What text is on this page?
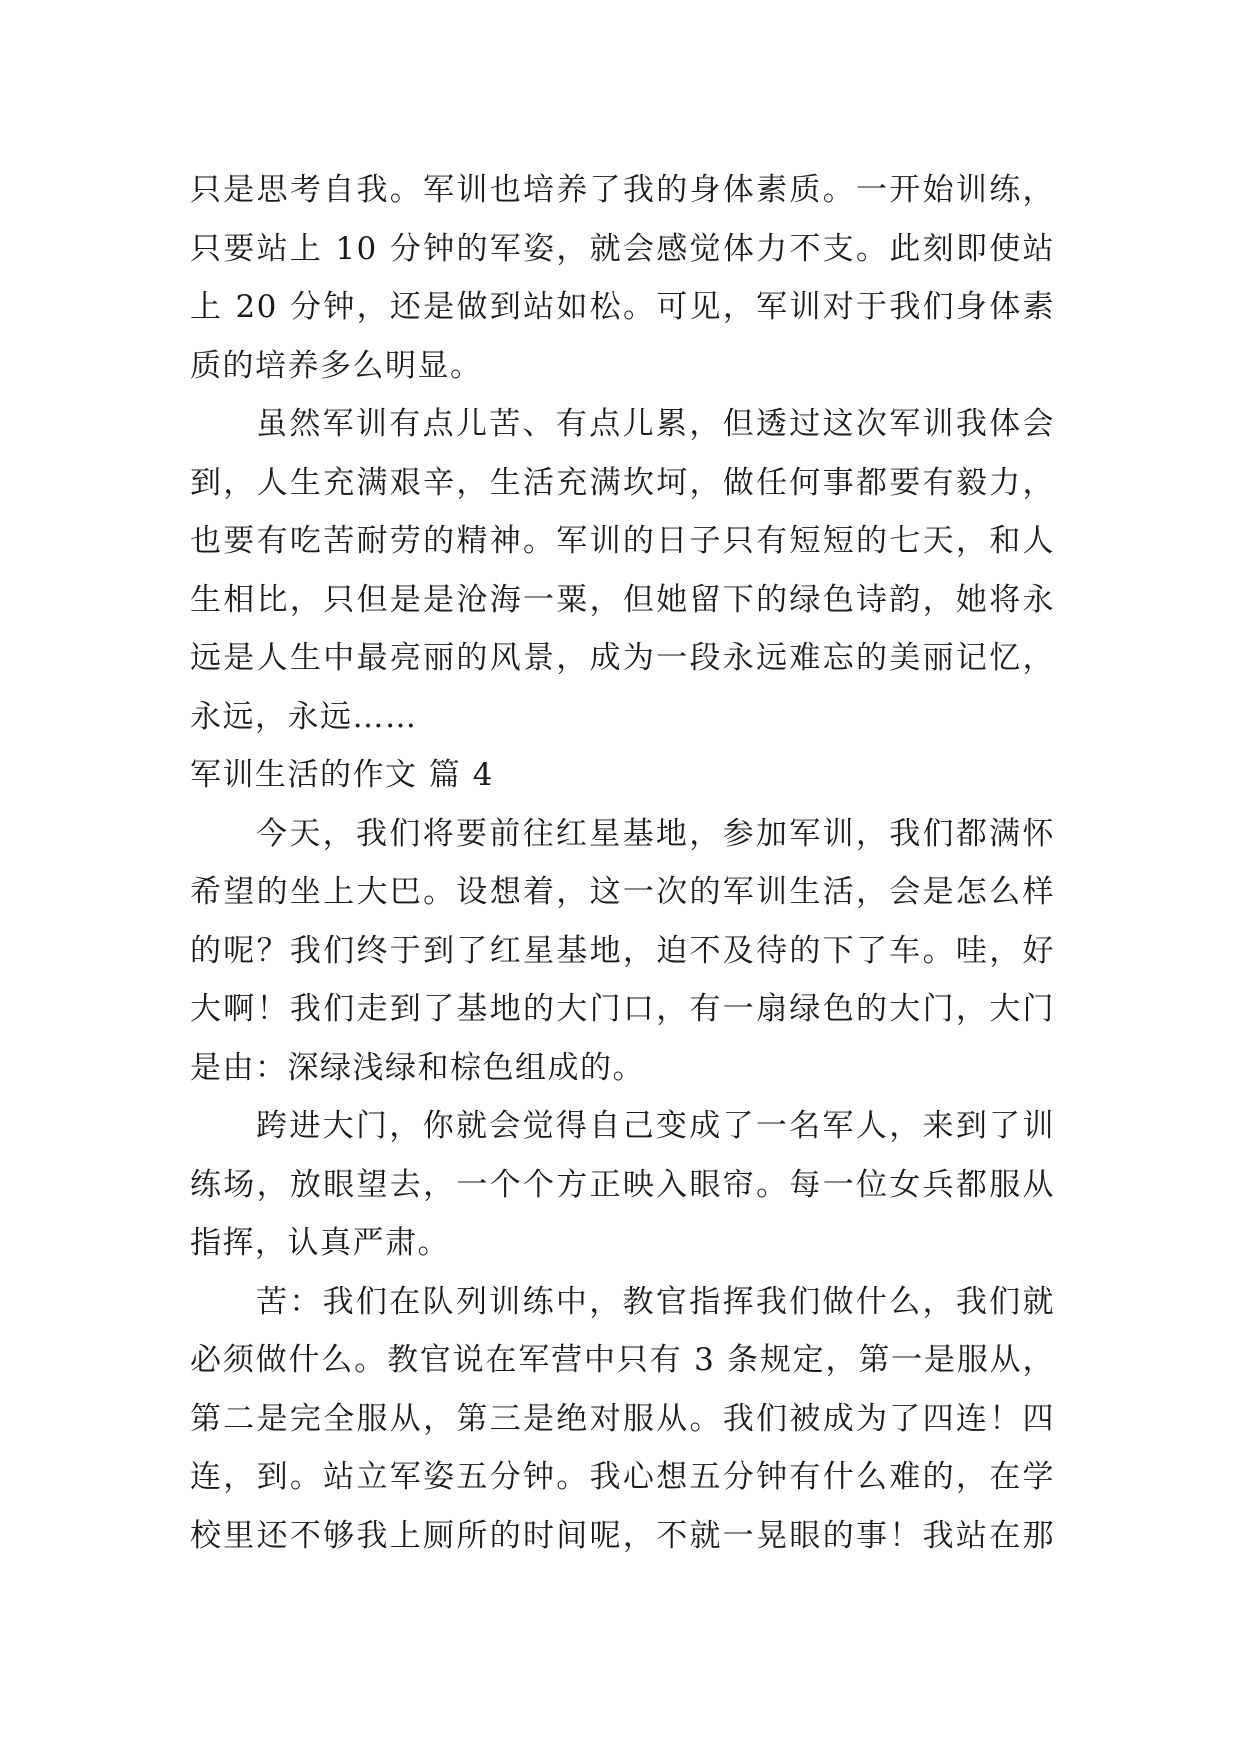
只是思考自我。军训也培养了我的身体素质。一开始训练，
只要站上 10 分钟的军姿，就会感觉体力不支。此刻即使站
上 20 分钟，还是做到站如松。可见，军训对于我们身体素
质的培养多么明显。
虽然军训有点儿苦、有点儿累，但透过这次军训我体会
到，人生充满艰辛，生活充满坎坷，做任何事都要有毅力，
也要有吃苦耐劳的精神。军训的日子只有短短的七天，和人
生相比，只但是是沧海一粟，但她留下的绿色诗韵，她将永
远是人生中最亮丽的风景，成为一段永远难忘的美丽记忆，
永远，永远……
军训生活的作文 篇 4
今天，我们将要前往红星基地，参加军训，我们都满怀
希望的坐上大巴。设想着，这一次的军训生活，会是怎么样
的呢？我们终于到了红星基地，迫不及待的下了车。哇，好
大啊！我们走到了基地的大门口，有一扇绿色的大门，大门
是由：深绿浅绿和棕色组成的。
跨进大门，你就会觉得自己变成了一名军人，来到了训
练场，放眼望去，一个个方正映入眼帘。每一位女兵都服从
指挥，认真严肃。
苦：我们在队列训练中，教官指挥我们做什么，我们就
必须做什么。教官说在军营中只有 3 条规定，第一是服从，
第二是完全服从，第三是绝对服从。我们被成为了四连！四
连，到。站立军姿五分钟。我心想五分钟有什么难的，在学
校里还不够我上厕所的时间呢，不就一晃眼的事！我站在那
